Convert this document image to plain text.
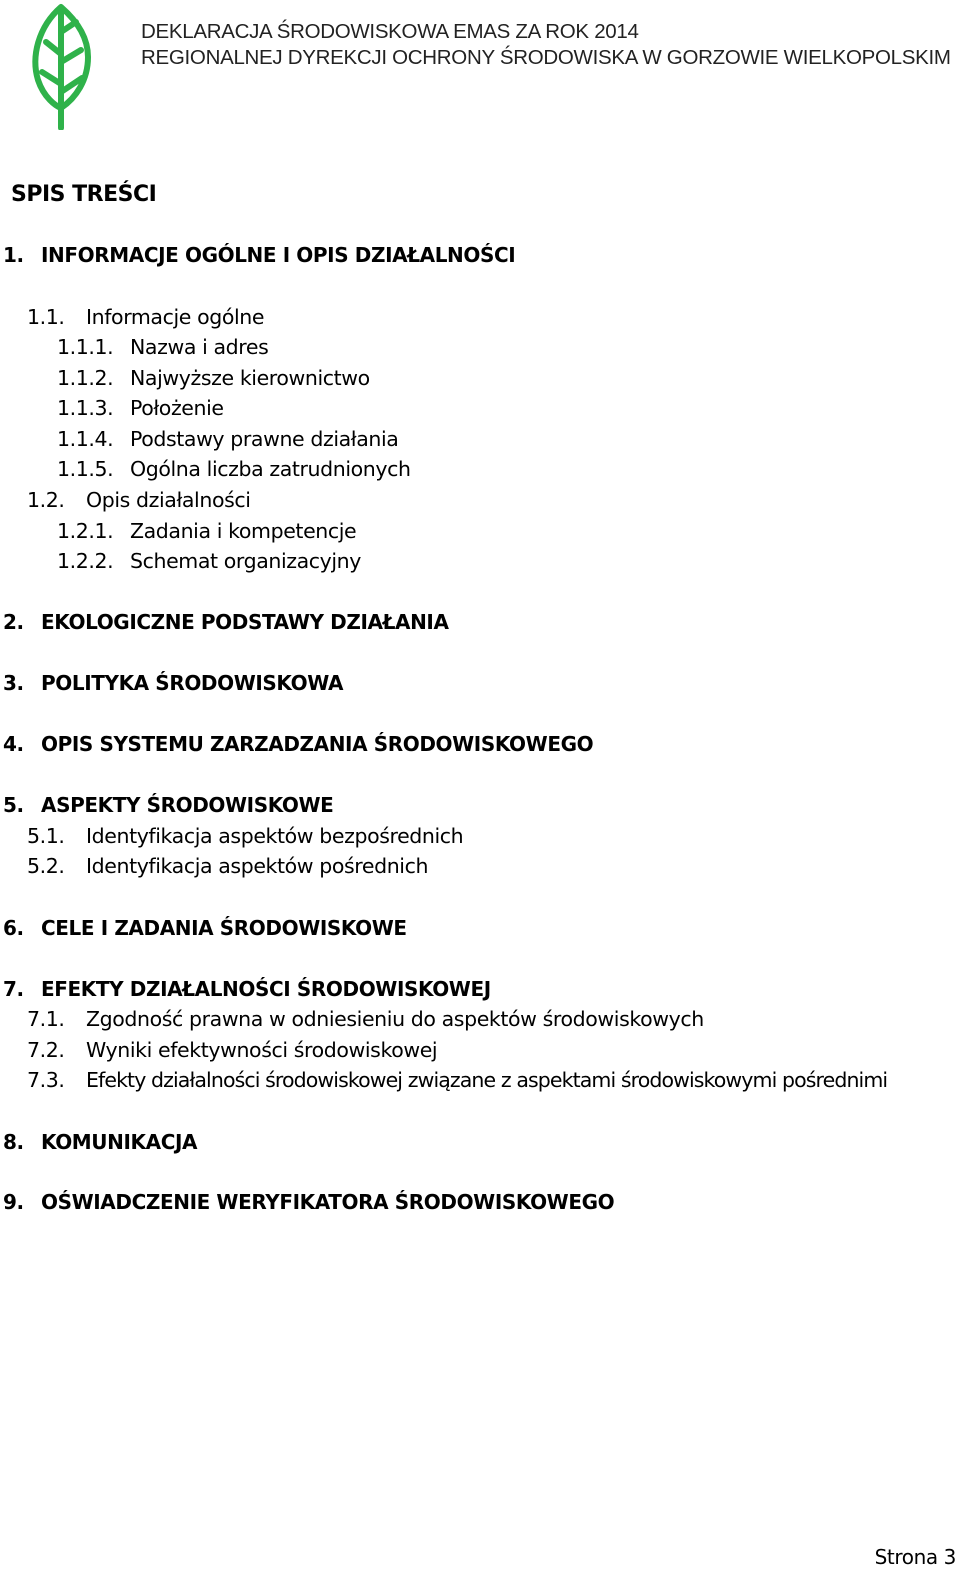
DEKLARACJA ŚRODOWISKOWA EMAS ZA ROK 2014
REGIONALNEJ DYREKCJI OCHRONY ŚRODOWISKA W GORZOWIE WIELKOPOLSKIM
SPIS TREŚCI
1. INFORMACJE OGÓLNE I OPIS DZIAŁALNOŚCI
1.1. Informacje ogólne
1.1.1. Nazwa i adres
1.1.2. Najwyższe kierownictwo
1.1.3. Położenie
1.1.4. Podstawy prawne działania
1.1.5. Ogólna liczba zatrudnionych
1.2. Opis działalności
1.2.1. Zadania i kompetencje
1.2.2. Schemat organizacyjny
2. EKOLOGICZNE PODSTAWY DZIAŁANIA
3. POLITYKA ŚRODOWISKOWA
4. OPIS SYSTEMU ZARZADZANIA ŚRODOWISKOWEGO
5. ASPEKTY ŚRODOWISKOWE
5.1. Identyfikacja aspektów bezpośrednich
5.2. Identyfikacja aspektów pośrednich
6. CELE I ZADANIA ŚRODOWISKOWE
7. EFEKTY DZIAŁALNOŚCI ŚRODOWISKOWEJ
7.1. Zgodność prawna w odniesieniu do aspektów środowiskowych
7.2. Wyniki efektywności środowiskowej
7.3. Efekty działalności środowiskowej związane z aspektami środowiskowymi pośrednimi
8. KOMUNIKACJA
9. OŚWIADCZENIE WERYFIKATORA ŚRODOWISKOWEGO
Strona 3
